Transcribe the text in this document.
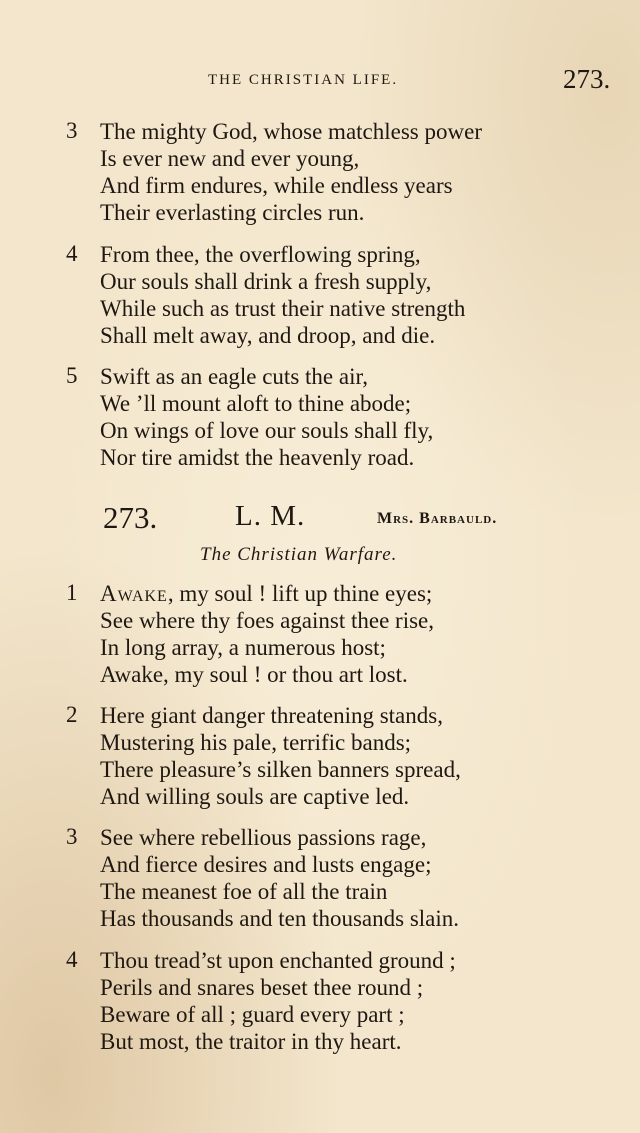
THE CHRISTIAN LIFE.	273.
3 The mighty God, whose matchless power
Is ever new and ever young,
And firm endures, while endless years
Their everlasting circles run.
4 From thee, the overflowing spring,
Our souls shall drink a fresh supply,
While such as trust their native strength
Shall melt away, and droop, and die.
5 Swift as an eagle cuts the air,
We ’ll mount aloft to thine abode;
On wings of love our souls shall fly,
Nor tire amidst the heavenly road.
273.	L. M.	Mrs. Barbauld.
The Christian Warfare.
1 Awake, my soul ! lift up thine eyes;
See where thy foes against thee rise,
In long array, a numerous host;
Awake, my soul ! or thou art lost.
2 Here giant danger threatening stands,
Mustering his pale, terrific bands;
There pleasure’s silken banners spread,
And willing souls are captive led.
3 See where rebellious passions rage,
And fierce desires and lusts engage;
The meanest foe of all the train
Has thousands and ten thousands slain.
4 Thou tread’st upon enchanted ground ;
Perils and snares beset thee round ;
Beware of all ; guard every part ;
But most, the traitor in thy heart.
